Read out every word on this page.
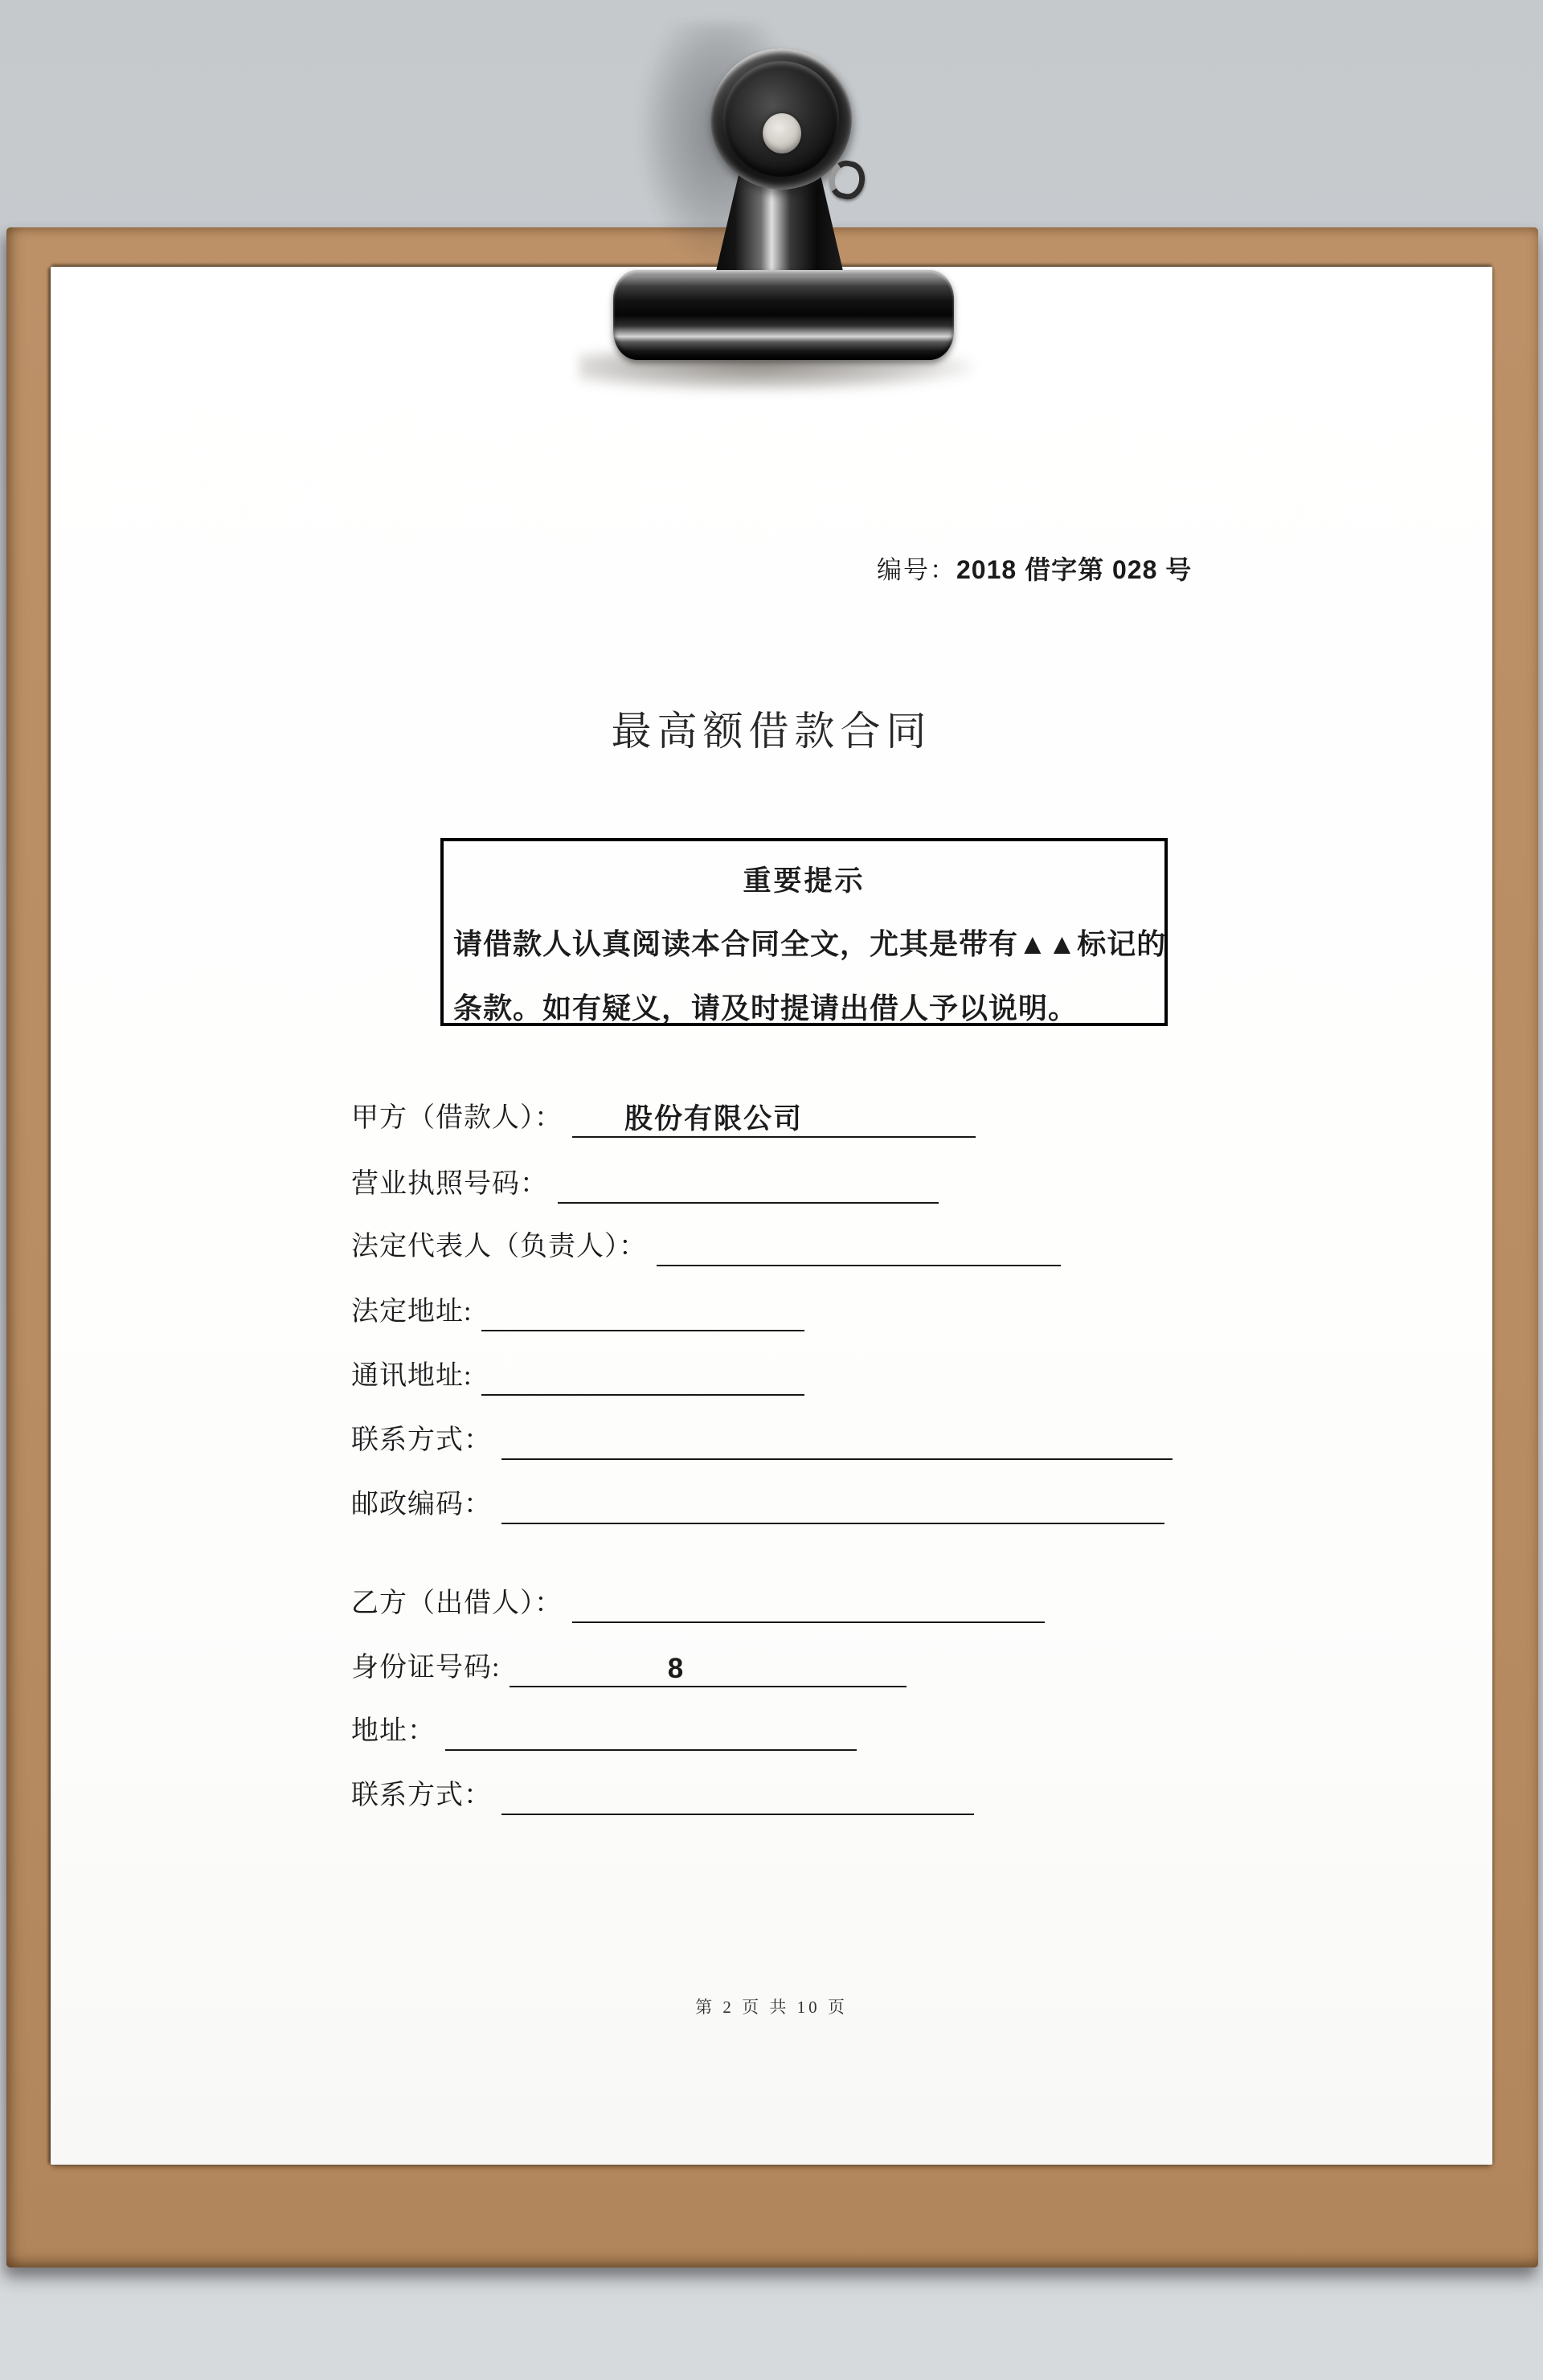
编号：2018 借字第 028 号
最高额借款合同
重要提示
请借款人认真阅读本合同全文，尤其是带有▲▲标记的
条款。如有疑义，请及时提请出借人予以说明。
甲方（借款人）：	股份有限公司
营业执照号码：
法定代表人（负责人）：
法定地址:
通讯地址:
联系方式：
邮政编码：
乙方（出借人）：
身份证号码:	8
地址：
联系方式：
第 2 页 共 10 页
